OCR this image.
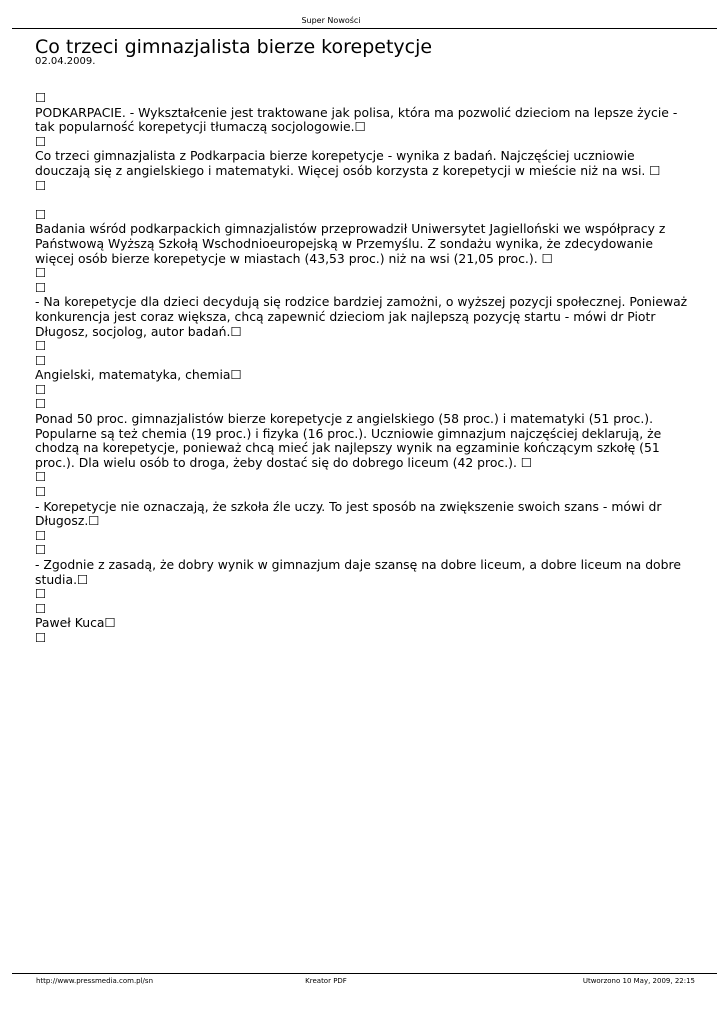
Super Nowości
Co trzeci gimnazjalista bierze korepetycje
02.04.2009.
☐
PODKARPACIE. - Wykształcenie jest traktowane jak polisa, która ma pozwolić dzieciom na lepsze życie -
tak popularność korepetycji tłumaczą socjologowie.☐
☐
Co trzeci gimnazjalista z Podkarpacia bierze korepetycje - wynika z badań. Najczęściej uczniowie
douczają się z angielskiego i matematyki. Więcej osób korzysta z korepetycji w mieście niż na wsi. ☐
☐
☐
Badania wśród podkarpackich gimnazjalistów przeprowadził Uniwersytet Jagielloński we współpracy z
Państwową Wyższą Szkołą Wschodnioeuropejską w Przemyślu. Z sondażu wynika, że zdecydowanie
więcej osób bierze korepetycje w miastach (43,53 proc.) niż na wsi (21,05 proc.). ☐
☐
☐
- Na korepetycje dla dzieci decydują się rodzice bardziej zamożni, o wyższej pozycji społecznej. Ponieważ
konkurencja jest coraz większa, chcą zapewnić dzieciom jak najlepszą pozycję startu - mówi dr Piotr
Długosz, socjolog, autor badań.☐
☐
☐
Angielski, matematyka, chemia☐
☐
☐
Ponad 50 proc. gimnazjalistów bierze korepetycje z angielskiego (58 proc.) i matematyki (51 proc.).
Popularne są też chemia (19 proc.) i fizyka (16 proc.). Uczniowie gimnazjum najczęściej deklarują, że
chodzą na korepetycje, ponieważ chcą mieć jak najlepszy wynik na egzaminie kończącym szkołę (51
proc.). Dla wielu osób to droga, żeby dostać się do dobrego liceum (42 proc.). ☐
☐
☐
- Korepetycje nie oznaczają, że szkoła źle uczy. To jest sposób na zwiększenie swoich szans - mówi dr
Długosz.☐
☐
☐
- Zgodnie z zasadą, że dobry wynik w gimnazjum daje szansę na dobre liceum, a dobre liceum na dobre
studia.☐
☐
☐
Paweł Kuca☐
☐
http://www.pressmedia.com.pl/sn	Kreator PDF	Utworzono 10 May, 2009, 22:15
